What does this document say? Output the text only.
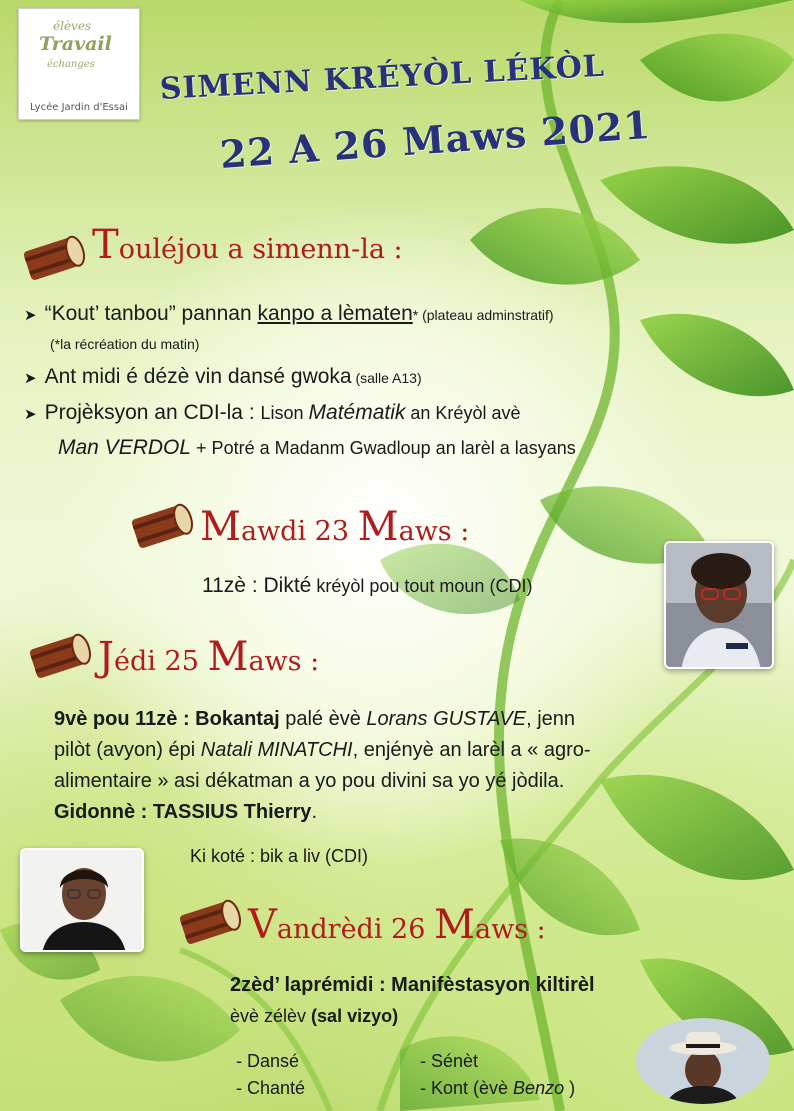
élèves
Travail
échanges
Lycée Jardin d'Essai
SIMENN KRÉYÒL LÉKÒL
22 A 26 Maws 2021
Touléjou a simenn-la :
➤ “Kout’ tanbou” pannan kanpo a lèmaten* (plateau adminstratif)
(*la récréation du matin)
➤ Ant midi é dézè vin dansé gwoka (salle A13)
➤ Projèksyon an CDI-la : Lison Matématik an Kréyòl avè
Man VERDOL + Potré a Madanm Gwadloup an larèl a lasyans
Mawdi 23 Maws :
11zè : Dikté kréyòl pou tout moun (CDI)
Jédi 25 Maws :
9vè pou 11zè : Bokantaj palé èvè Lorans GUSTAVE, jenn
pilòt (avyon) épi Natali MINATCHI, enjényè an larèl a « agro-
alimentaire » asi dékatman a yo pou divini sa yo yé jòdila.
Gidonnè : TASSIUS Thierry.
Ki koté : bik a liv (CDI)
Vandrèdi 26 Maws :
2zèd’ laprémidi : Manifèstasyon kiltirèl
èvè zélèv (sal vizyo)
- Dansé
- Chanté
- Sénèt
- Kont (èvè Benzo )
